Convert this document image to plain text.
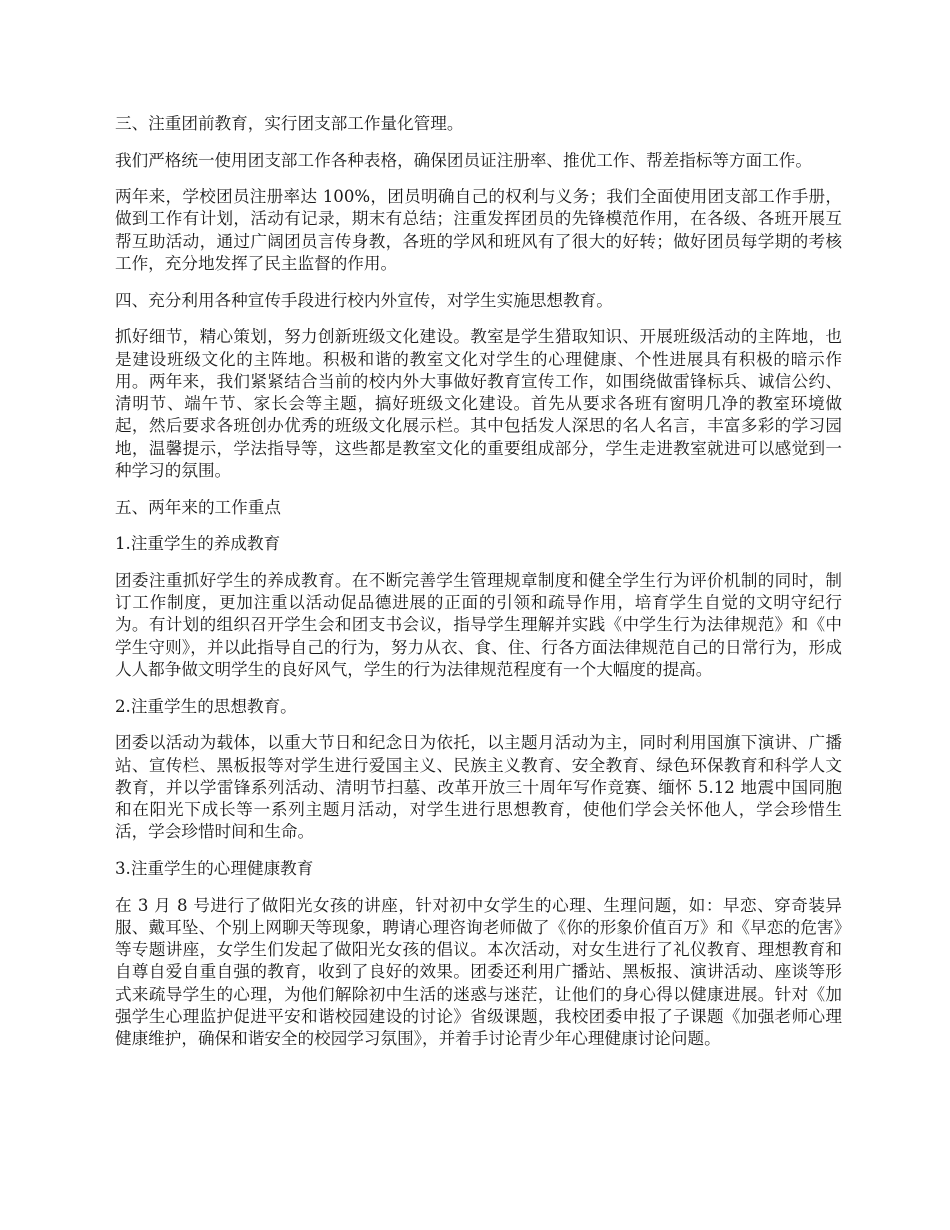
三、注重团前教育，实行团支部工作量化管理。

我们严格统一使用团支部工作各种表格，确保团员证注册率、推优工作、帮差指标等方面工作。

两年来，学校团员注册率达 100%，团员明确自己的权利与义务；我们全面使用团支部工作手册，做到工作有计划，活动有记录，期末有总结；注重发挥团员的先锋模范作用，在各级、各班开展互帮互助活动，通过广阔团员言传身教，各班的学风和班风有了很大的好转；做好团员每学期的考核工作，充分地发挥了民主监督的作用。

四、充分利用各种宣传手段进行校内外宣传，对学生实施思想教育。

抓好细节，精心策划，努力创新班级文化建设。教室是学生猎取知识、开展班级活动的主阵地，也是建设班级文化的主阵地。积极和谐的教室文化对学生的心理健康、个性进展具有积极的暗示作用。两年来，我们紧紧结合当前的校内外大事做好教育宣传工作，如围绕做雷锋标兵、诚信公约、清明节、端午节、家长会等主题，搞好班级文化建设。首先从要求各班有窗明几净的教室环境做起，然后要求各班创办优秀的班级文化展示栏。其中包括发人深思的名人名言，丰富多彩的学习园地，温馨提示，学法指导等，这些都是教室文化的重要组成部分，学生走进教室就进可以感觉到一种学习的氛围。

五、两年来的工作重点

1.注重学生的养成教育

团委注重抓好学生的养成教育。在不断完善学生管理规章制度和健全学生行为评价机制的同时，制订工作制度，更加注重以活动促品德进展的正面的引领和疏导作用，培育学生自觉的文明守纪行为。有计划的组织召开学生会和团支书会议，指导学生理解并实践《中学生行为法律规范》和《中学生守则》，并以此指导自己的行为，努力从衣、食、住、行各方面法律规范自己的日常行为，形成人人都争做文明学生的良好风气，学生的行为法律规范程度有一个大幅度的提高。

2.注重学生的思想教育。

团委以活动为载体，以重大节日和纪念日为依托，以主题月活动为主，同时利用国旗下演讲、广播站、宣传栏、黑板报等对学生进行爱国主义、民族主义教育、安全教育、绿色环保教育和科学人文教育，并以学雷锋系列活动、清明节扫墓、改革开放三十周年写作竞赛、缅怀 5.12 地震中国同胞和在阳光下成长等一系列主题月活动，对学生进行思想教育，使他们学会关怀他人，学会珍惜生活，学会珍惜时间和生命。

3.注重学生的心理健康教育

在 3 月 8 号进行了做阳光女孩的讲座，针对初中女学生的心理、生理问题，如：早恋、穿奇装异服、戴耳坠、个别上网聊天等现象，聘请心理咨询老师做了《你的形象价值百万》和《早恋的危害》等专题讲座，女学生们发起了做阳光女孩的倡议。本次活动，对女生进行了礼仪教育、理想教育和自尊自爱自重自强的教育，收到了良好的效果。团委还利用广播站、黑板报、演讲活动、座谈等形式来疏导学生的心理，为他们解除初中生活的迷惑与迷茫，让他们的身心得以健康进展。针对《加强学生心理监护促进平安和谐校园建设的讨论》省级课题，我校团委申报了子课题《加强老师心理健康维护，确保和谐安全的校园学习氛围》，并着手讨论青少年心理健康讨论问题。
